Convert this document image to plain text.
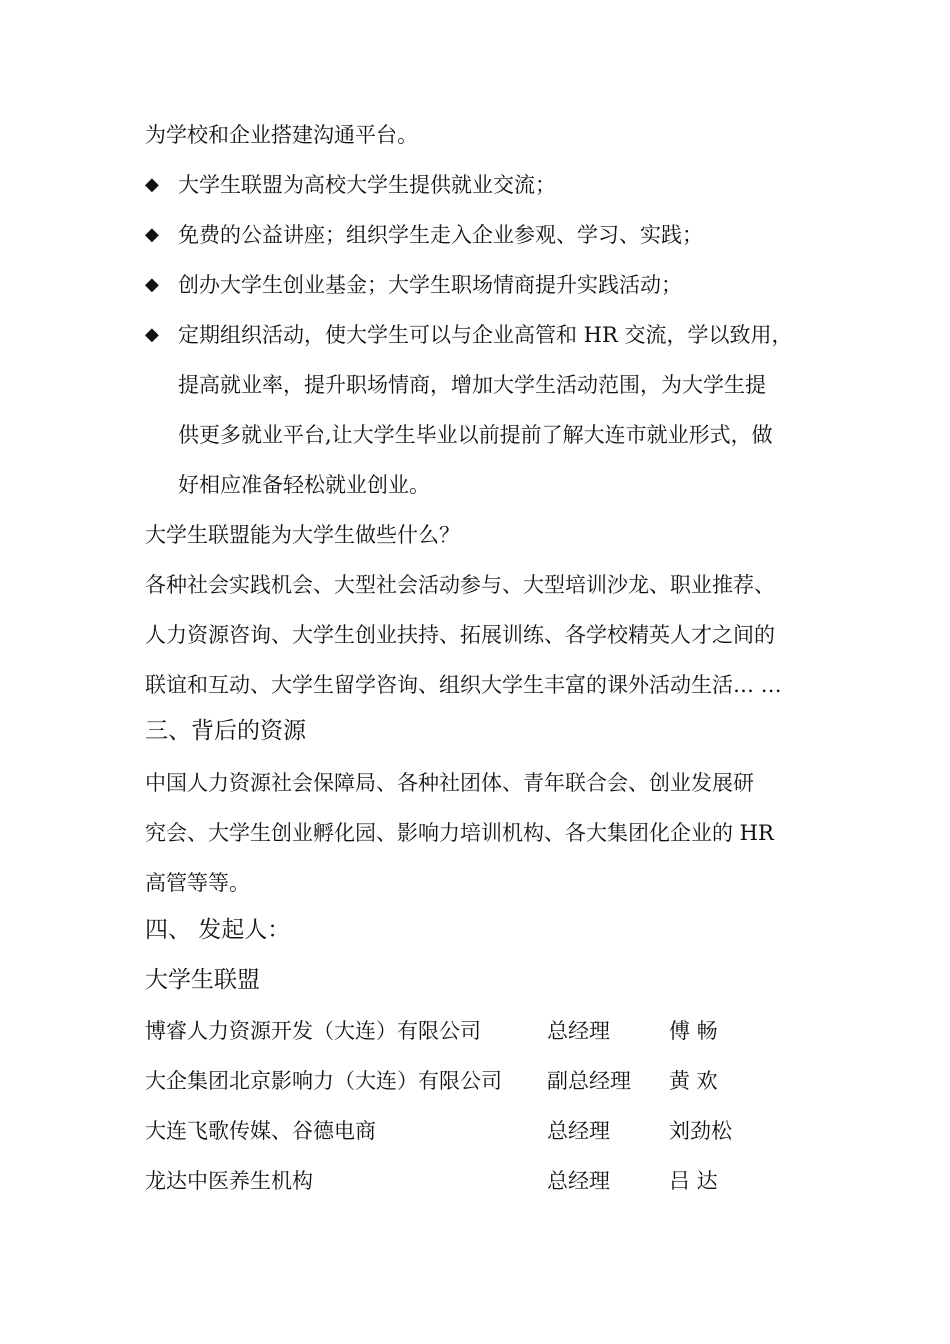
为学校和企业搭建沟通平台。
◆ 大学生联盟为高校大学生提供就业交流；
◆ 免费的公益讲座；组织学生走入企业参观、学习、实践；
◆ 创办大学生创业基金；大学生职场情商提升实践活动；
◆ 定期组织活动，使大学生可以与企业高管和 HR 交流，学以致用，
提高就业率，提升职场情商，增加大学生活动范围，为大学生提
供更多就业平台,让大学生毕业以前提前了解大连市就业形式，做
好相应准备轻松就业创业。
大学生联盟能为大学生做些什么？
各种社会实践机会、大型社会活动参与、大型培训沙龙、职业推荐、
人力资源咨询、大学生创业扶持、拓展训练、各学校精英人才之间的
联谊和互动、大学生留学咨询、组织大学生丰富的课外活动生活… …
三、背后的资源
中国人力资源社会保障局、各种社团体、青年联合会、创业发展研
究会、大学生创业孵化园、影响力培训机构、各大集团化企业的 HR
高管等等。
四、 发起人：
大学生联盟
博睿人力资源开发（大连）有限公司	总经理	傅 畅
大企集团北京影响力（大连）有限公司 副总经理 黄 欢
大连飞歌传媒、谷德电商	总经理	刘劲松
龙达中医养生机构	总经理	吕 达
